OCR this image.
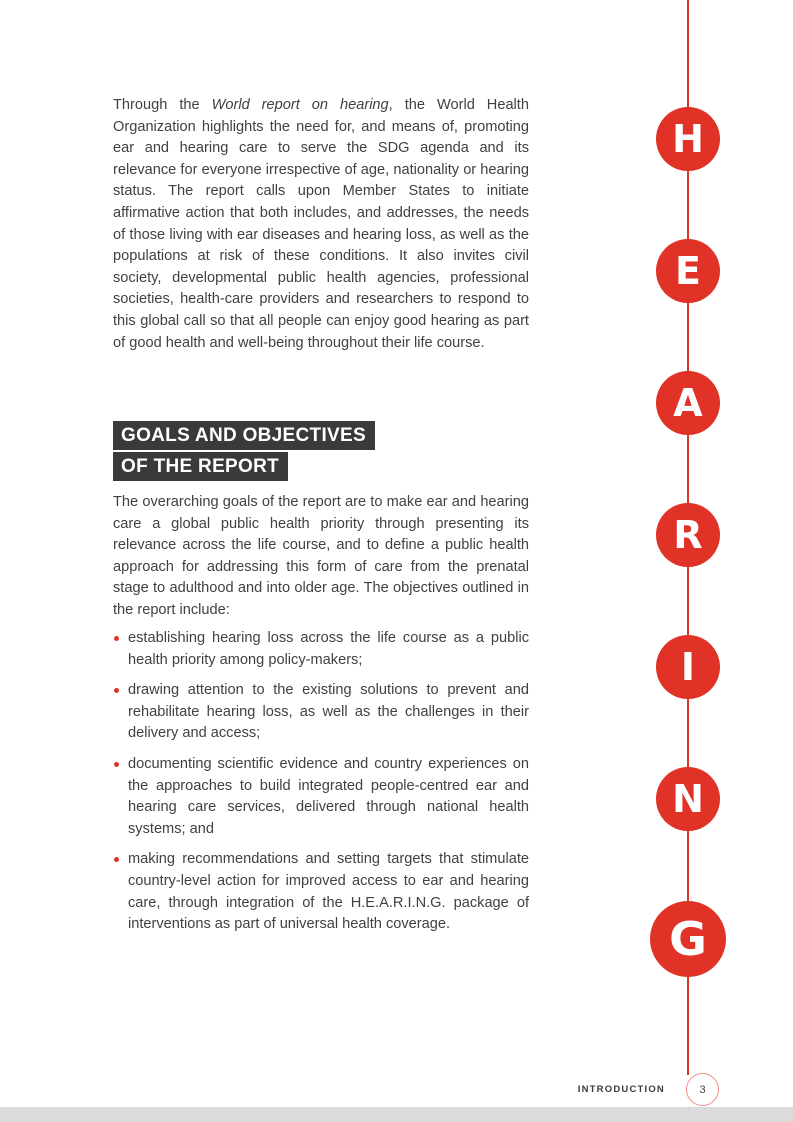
Through the World report on hearing, the World Health Organization highlights the need for, and means of, promoting ear and hearing care to serve the SDG agenda and its relevance for everyone irrespective of age, nationality or hearing status. The report calls upon Member States to initiate affirmative action that both includes, and addresses, the needs of those living with ear diseases and hearing loss, as well as the populations at risk of these conditions. It also invites civil society, developmental public health agencies, professional societies, health-care providers and researchers to respond to this global call so that all people can enjoy good hearing as part of good health and well-being throughout their life course.

GOALS AND OBJECTIVES
OF THE REPORT

The overarching goals of the report are to make ear and hearing care a global public health priority through presenting its relevance across the life course, and to define a public health approach for addressing this form of care from the prenatal stage to adulthood and into older age. The objectives outlined in the report include:

establishing hearing loss across the life course as a public health priority among policy-makers;
drawing attention to the existing solutions to prevent and rehabilitate hearing loss, as well as the challenges in their delivery and access;
documenting scientific evidence and country experiences on the approaches to build integrated people-centred ear and hearing care services, delivered through national health systems; and
making recommendations and setting targets that stimulate country-level action for improved access to ear and hearing care, through integration of the H.E.A.R.I.N.G. package of interventions as part of universal health coverage.
H
E
A
R
I
N
G
INTRODUCTION	3
